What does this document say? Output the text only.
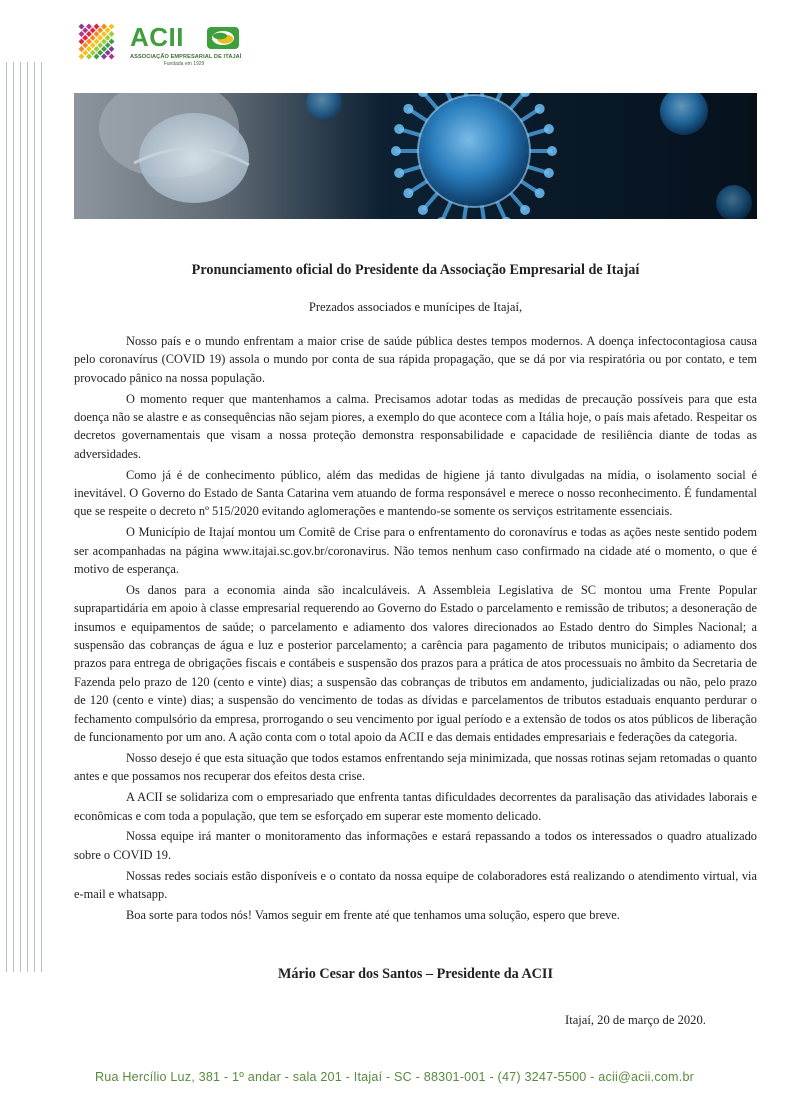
ACII
ASSOCIAÇÃO EMPRESARIAL DE ITAJAÍ
Fundada em 1929
Pronunciamento oficial do Presidente da Associação Empresarial de Itajaí
Prezados associados e munícipes de Itajaí,

Nosso país e o mundo enfrentam a maior crise de saúde pública destes tempos modernos. A doença infectocontagiosa causa pelo coronavírus (COVID 19) assola o mundo por conta de sua rápida propagação, que se dá por via respiratória ou por contato, e tem provocado pânico na nossa população.

O momento requer que mantenhamos a calma. Precisamos adotar todas as medidas de precaução possíveis para que esta doença não se alastre e as consequências não sejam piores, a exemplo do que acontece com a Itália hoje, o país mais afetado. Respeitar os decretos governamentais que visam a nossa proteção demonstra responsabilidade e capacidade de resiliência diante de todas as adversidades.

Como já é de conhecimento público, além das medidas de higiene já tanto divulgadas na mídia, o isolamento social é inevitável. O Governo do Estado de Santa Catarina vem atuando de forma responsável e merece o nosso reconhecimento. É fundamental que se respeite o decreto nº 515/2020 evitando aglomerações e mantendo-se somente os serviços estritamente essenciais.

O Município de Itajaí montou um Comitê de Crise para o enfrentamento do coronavírus e todas as ações neste sentido podem ser acompanhadas na página www.itajai.sc.gov.br/coronavirus. Não temos nenhum caso confirmado na cidade até o momento, o que é motivo de esperança.

Os danos para a economia ainda são incalculáveis. A Assembleia Legislativa de SC montou uma Frente Popular suprapartidária em apoio à classe empresarial requerendo ao Governo do Estado o parcelamento e remissão de tributos; a desoneração de insumos e equipamentos de saúde; o parcelamento e adiamento dos valores direcionados ao Estado dentro do Simples Nacional; a suspensão das cobranças de água e luz e posterior parcelamento; a carência para pagamento de tributos municipais; o adiamento dos prazos para entrega de obrigações fiscais e contábeis e suspensão dos prazos para a prática de atos processuais no âmbito da Secretaria de Fazenda pelo prazo de 120 (cento e vinte) dias; a suspensão das cobranças de tributos em andamento, judicializadas ou não, pelo prazo de 120 (cento e vinte) dias; a suspensão do vencimento de todas as dívidas e parcelamentos de tributos estaduais enquanto perdurar o fechamento compulsório da empresa, prorrogando o seu vencimento por igual período e a extensão de todos os atos públicos de liberação de funcionamento por um ano. A ação conta com o total apoio da ACII e das demais entidades empresariais e federações da categoria.

Nosso desejo é que esta situação que todos estamos enfrentando seja minimizada, que nossas rotinas sejam retomadas o quanto antes e que possamos nos recuperar dos efeitos desta crise.

A ACII se solidariza com o empresariado que enfrenta tantas dificuldades decorrentes da paralisação das atividades laborais e econômicas e com toda a população, que tem se esforçado em superar este momento delicado.

Nossa equipe irá manter o monitoramento das informações e estará repassando a todos os interessados o quadro atualizado sobre o COVID 19.

Nossas redes sociais estão disponíveis e o contato da nossa equipe de colaboradores está realizando o atendimento virtual, via e-mail e whatsapp.

Boa sorte para todos nós! Vamos seguir em frente até que tenhamos uma solução, espero que breve.

Mário Cesar dos Santos – Presidente da ACII
Itajaí, 20 de março de 2020.
Rua Hercílio Luz, 381 - 1º andar - sala 201 - Itajaí - SC - 88301-001 - (47) 3247-5500 - acii@acii.com.br
